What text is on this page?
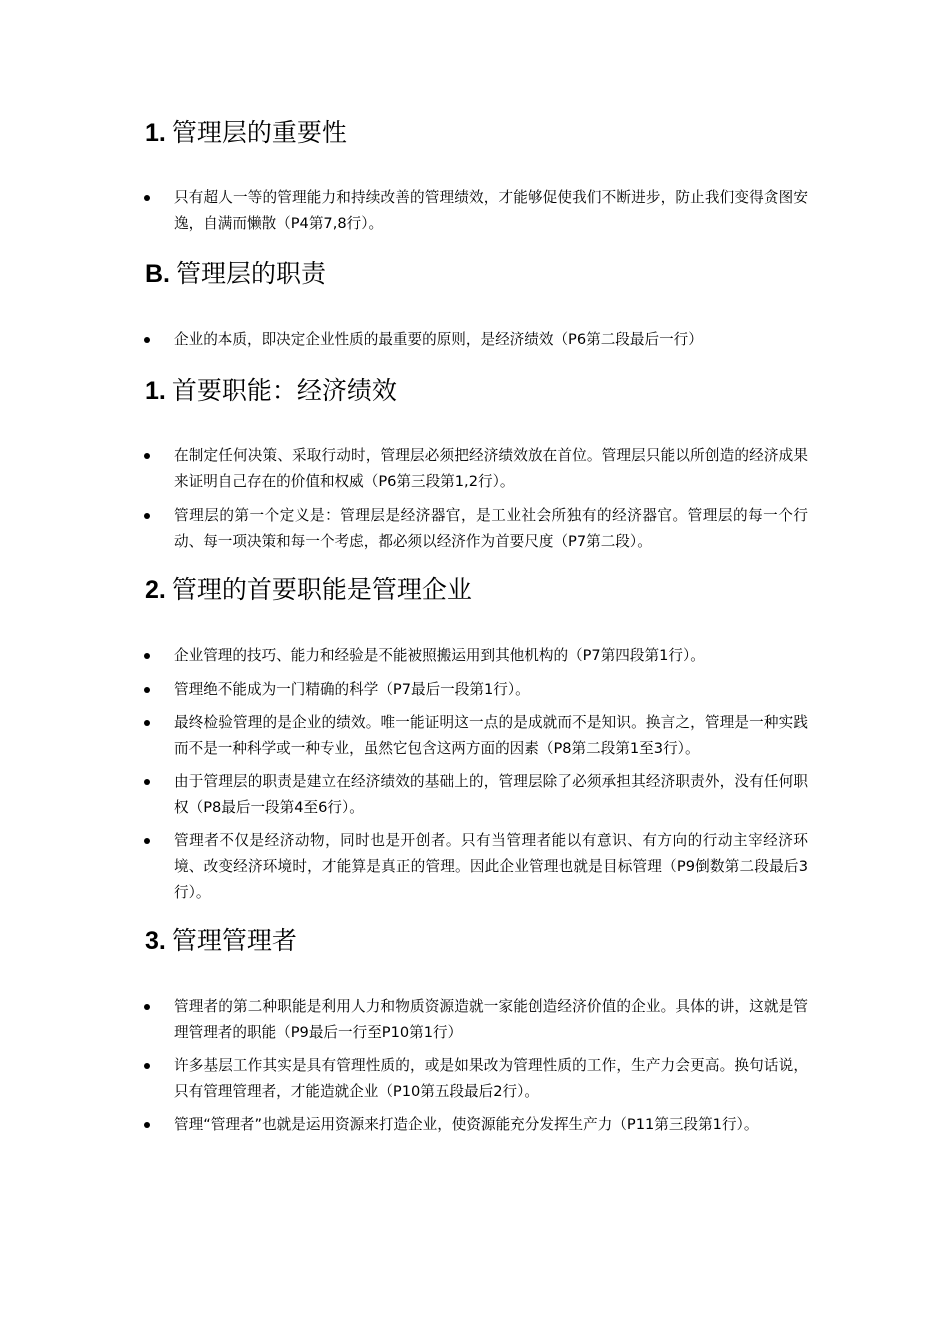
1. 管理层的重要性

只有超人一等的管理能力和持续改善的管理绩效，才能够促使我们不断进步，防止我们变得贪图安逸，自满而懒散（P4第7,8行）。

B. 管理层的职责

企业的本质，即决定企业性质的最重要的原则，是经济绩效（P6第二段最后一行）

1. 首要职能：经济绩效

在制定任何决策、采取行动时，管理层必须把经济绩效放在首位。管理层只能以所创造的经济成果来证明自己存在的价值和权威（P6第三段第1,2行）。

管理层的第一个定义是：管理层是经济器官，是工业社会所独有的经济器官。管理层的每一个行动、每一项决策和每一个考虑，都必须以经济作为首要尺度（P7第二段）。

2. 管理的首要职能是管理企业

企业管理的技巧、能力和经验是不能被照搬运用到其他机构的（P7第四段第1行）。

管理绝不能成为一门精确的科学（P7最后一段第1行）。

最终检验管理的是企业的绩效。唯一能证明这一点的是成就而不是知识。换言之，管理是一种实践而不是一种科学或一种专业，虽然它包含这两方面的因素（P8第二段第1至3行）。

由于管理层的职责是建立在经济绩效的基础上的，管理层除了必须承担其经济职责外，没有任何职权（P8最后一段第4至6行）。

管理者不仅是经济动物，同时也是开创者。只有当管理者能以有意识、有方向的行动主宰经济环境、改变经济环境时，才能算是真正的管理。因此企业管理也就是目标管理（P9倒数第二段最后3行）。

3. 管理管理者

管理者的第二种职能是利用人力和物质资源造就一家能创造经济价值的企业。具体的讲，这就是管理管理者的职能（P9最后一行至P10第1行）

许多基层工作其实是具有管理性质的，或是如果改为管理性质的工作，生产力会更高。换句话说，只有管理管理者，才能造就企业（P10第五段最后2行）。

管理“管理者”也就是运用资源来打造企业，使资源能充分发挥生产力（P11第三段第1行）。
